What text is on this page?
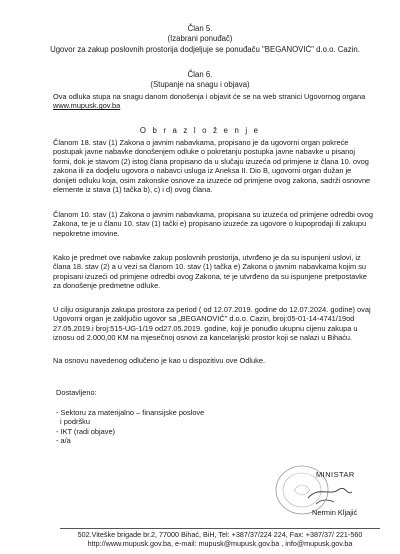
Član 5.
(Izabrani ponuđač)
Ugovor za zakup poslovnih prostorija dodjeljuje se ponuđaču "BEGANOVIĆ" d.o.o. Cazin.
Član 6.
(Stupanje na snagu i objava)
Ova odluka stupa na snagu danom donošenja i objavit će se na web stranici Ugovornog organa
www.mupusk.gov.ba
O b r a z l o ž e n j e
Članom 18. stav (1) Zakona o javnim nabavkama, propisano je da ugovorni organ pokreće
postupak javne nabavke donošenjem odluke o pokretanju postupka javne nabavke u pisanoj
formi, dok je stavom (2) istog člana propisano da u slučaju izuzeća od primjene iz člana 10. ovog
zakona ili za dodjelu ugovora o nabavci usluga iz Aneksa II. Dio B, ugovorni organ dužan je
donijeti odluku koja, osim zakonske osnove za izuzeće od primjene ovog zakona, sadrži osnovne
elemente iz stava (1) tačka b), c) i d) ovog člana.
Članom 10. stav (1) Zakona o javnim nabavkama, propisana su izuzeća od primjene odredbi ovog
Zakona, te je u članu 10. stav (1) tački e) propisano izuzeće za ugovore o kupoprodaji ili zakupu
nepokretne imovine.
Kako je predmet ove nabavke zakup poslovnih prostorija, utvrđeno je da su ispunjeni uslovi, iz
člana 18. stav (2) a u vezi sa članom 10. stav (1) tačka e) Zakona o javnim nabavkama kojim su
propisani izuzeći od primjene odredbi ovog Zakona, te je utvrđeno da su ispunjene pretpostavke
za donošenje predmetne odluke.
U cilju osiguranja zakupa prostora za period ( od 12.07.2019. godine do 12.07.2024. godine) ovaj
Ugovorni organ je zaključio ugovor sa „BEGANOVIĆ" d.o.o. Cazin, broj:05-01-14-4741/19od
27.05.2019.i broj:515-UG-1/19 od27.05.2019. godine, koji je ponuđio ukupnu cijenu zakupa u
iznosu od 2.000,00 KM na mjesečnoj osnovi za kancelarijski prostor koji se nalazi u Bihaću.
Na osnovu navedenog odlučeno je kao u dispozitivu ove Odluke.
Dostavljeno:
- Sektoru za materijalno – finansijske poslove
i podršku
- IKT (radi objave)
- a/a
MINISTAR
Nermin Kljajić
502.Viteške brigade br.2, 77000 Bihać, BiH, Tel: +387/37/224 224, Fax: +387/37/ 221-560
http://www.mupusk.gov.ba, e-mail: mupusk@mupusk.gov.ba , info@mupusk.gov.ba
